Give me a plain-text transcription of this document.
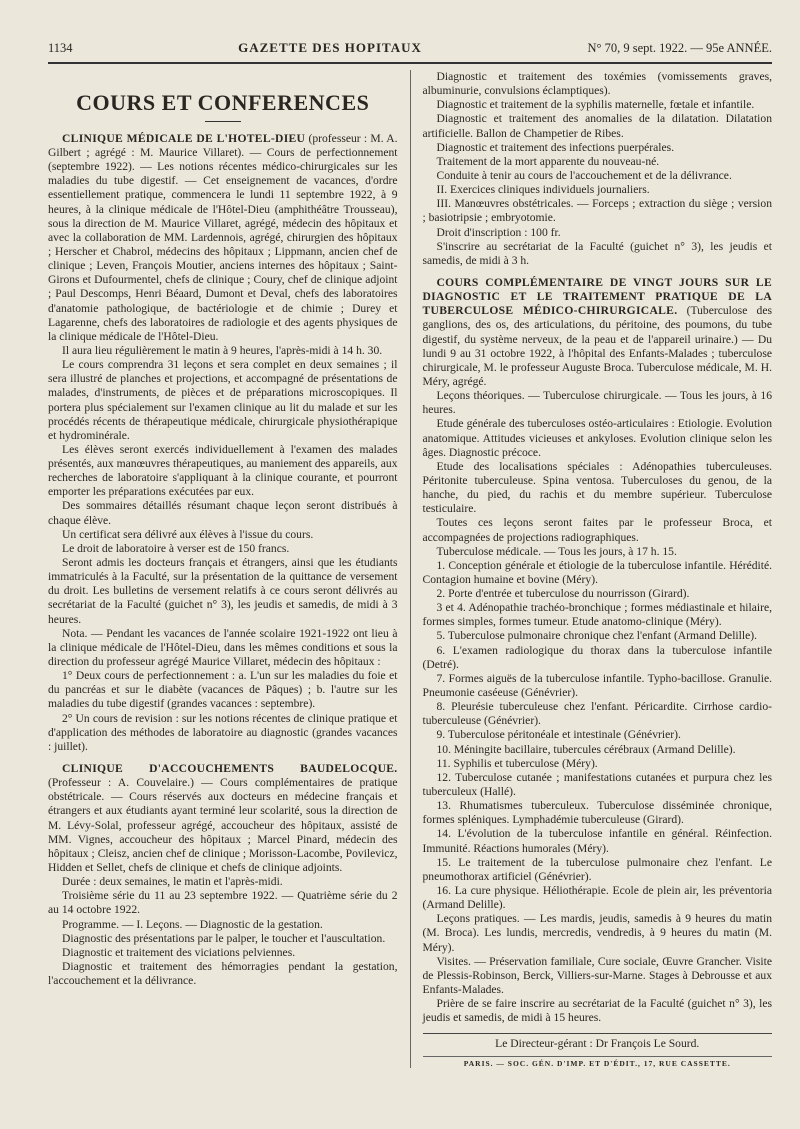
1134	GAZETTE DES HOPITAUX	N° 70, 9 sept. 1922. — 95e ANNÉE.
COURS ET CONFERENCES

CLINIQUE MÉDICALE DE L'HOTEL-DIEU (professeur : M. A. Gilbert ; agrégé : M. Maurice Villaret). — Cours de perfectionnement (septembre 1922). — Les notions récentes médico-chirurgicales sur les maladies du tube digestif. — Cet enseignement de vacances, d'ordre essentiellement pratique, commencera le lundi 11 septembre 1922, à 9 heures, à la clinique médicale de l'Hôtel-Dieu (amphithéâtre Trousseau), sous la direction de M. Maurice Villaret, agrégé, médecin des hôpitaux et avec la collaboration de MM. Lardennois, agrégé, chirurgien des hôpitaux ; Herscher et Chabrol, médecins des hôpitaux ; Lippmann, ancien chef de clinique ; Leven, François Moutier, anciens internes des hôpitaux ; Saint-Girons et Dufourmentel, chefs de clinique ; Coury, chef de clinique adjoint ; Paul Descomps, Henri Béaard, Dumont et Deval, chefs des laboratoires d'anatomie pathologique, de bactériologie et de chimie ; Durey et Lagarenne, chefs des laboratoires de radiologie et des agents physiques de la clinique médicale de l'Hôtel-Dieu.

Il aura lieu régulièrement le matin à 9 heures, l'après-midi à 14 h. 30.

Le cours comprendra 31 leçons et sera complet en deux semaines ; il sera illustré de planches et projections, et accompagné de présentations de malades, d'instruments, de pièces et de préparations microscopiques. Il portera plus spécialement sur l'examen clinique au lit du malade et sur les procédés récents de thérapeutique médicale, chirurgicale physiothérapique et hydrominérale.

Les élèves seront exercés individuellement à l'examen des malades présentés, aux manœuvres thérapeutiques, au maniement des appareils, aux recherches de laboratoire s'appliquant à la clinique courante, et pourront emporter les préparations exécutées par eux.

Des sommaires détaillés résumant chaque leçon seront distribués à chaque élève.

Un certificat sera délivré aux élèves à l'issue du cours.

Le droit de laboratoire à verser est de 150 francs.

Seront admis les docteurs français et étrangers, ainsi que les étudiants immatriculés à la Faculté, sur la présentation de la quittance de versement du droit. Les bulletins de versement relatifs à ce cours seront délivrés au secrétariat de la Faculté (guichet n° 3), les jeudis et samedis, de midi à 3 heures.

Nota. — Pendant les vacances de l'année scolaire 1921-1922 ont lieu à la clinique médicale de l'Hôtel-Dieu, dans les mêmes conditions et sous la direction du professeur agrégé Maurice Villaret, médecin des hôpitaux :

1° Deux cours de perfectionnement : a. L'un sur les maladies du foie et du pancréas et sur le diabète (vacances de Pâques) ; b. l'autre sur les maladies du tube digestif (grandes vacances : septembre).

2° Un cours de revision : sur les notions récentes de clinique pratique et d'application des méthodes de laboratoire au diagnostic (grandes vacances : juillet).

CLINIQUE D'ACCOUCHEMENTS BAUDELOCQUE. (Professeur : A. Couvelaire.) — Cours complémentaires de pratique obstétricale. — Cours réservés aux docteurs en médecine français et étrangers et aux étudiants ayant terminé leur scolarité, sous la direction de M. Lévy-Solal, professeur agrégé, accoucheur des hôpitaux, assisté de MM. Vignes, accoucheur des hôpitaux ; Marcel Pinard, médecin des hôpitaux ; Cleisz, ancien chef de clinique ; Morisson-Lacombe, Povilevicz, Hidden et Sellet, chefs de clinique et chefs de clinique adjoints.

Durée : deux semaines, le matin et l'après-midi.

Troisième série du 11 au 23 septembre 1922. — Quatrième série du 2 au 14 octobre 1922.

Programme. — I. Leçons. — Diagnostic de la gestation.

Diagnostic des présentations par le palper, le toucher et l'auscultation.

Diagnostic et traitement des viciations pelviennes.

Diagnostic et traitement des hémorragies pendant la gestation, l'accouchement et la délivrance.

Diagnostic et traitement des toxémies (vomissements graves, albuminurie, convulsions éclamptiques).

Diagnostic et traitement de la syphilis maternelle, fœtale et infantile.

Diagnostic et traitement des anomalies de la dilatation. Dilatation artificielle. Ballon de Champetier de Ribes.

Diagnostic et traitement des infections puerpérales.

Traitement de la mort apparente du nouveau-né.

Conduite à tenir au cours de l'accouchement et de la délivrance.

II. Exercices cliniques individuels journaliers.

III. Manœuvres obstétricales. — Forceps ; extraction du siège ; version ; basiotripsie ; embryotomie.

Droit d'inscription : 100 fr.

S'inscrire au secrétariat de la Faculté (guichet n° 3), les jeudis et samedis, de midi à 3 h.

COURS COMPLÉMENTAIRE DE VINGT JOURS SUR LE DIAGNOSTIC ET LE TRAITEMENT PRATIQUE DE LA TUBERCULOSE MÉDICO-CHIRURGICALE. (Tuberculose des ganglions, des os, des articulations, du péritoine, des poumons, du tube digestif, du système nerveux, de la peau et de l'appareil urinaire.) — Du lundi 9 au 31 octobre 1922, à l'hôpital des Enfants-Malades ; tuberculose chirurgicale, M. le professeur Auguste Broca. Tuberculose médicale, M. H. Méry, agrégé.

Leçons théoriques. — Tuberculose chirurgicale. — Tous les jours, à 16 heures.

Etude générale des tuberculoses ostéo-articulaires : Etiologie. Evolution anatomique. Attitudes vicieuses et ankyloses. Evolution clinique selon les âges. Diagnostic précoce.

Etude des localisations spéciales : Adénopathies tuberculeuses. Péritonite tuberculeuse. Spina ventosa. Tuberculoses du genou, de la hanche, du pied, du rachis et du membre supérieur. Tuberculose testiculaire.

Toutes ces leçons seront faites par le professeur Broca, et accompagnées de projections radiographiques.

Tuberculose médicale. — Tous les jours, à 17 h. 15.

1. Conception générale et étiologie de la tuberculose infantile. Hérédité. Contagion humaine et bovine (Méry).

2. Porte d'entrée et tuberculose du nourrisson (Girard).

3 et 4. Adénopathie trachéo-bronchique ; formes médiastinale et hilaire, formes simples, formes tumeur. Etude anatomo-clinique (Méry).

5. Tuberculose pulmonaire chronique chez l'enfant (Armand Delille).

6. L'examen radiologique du thorax dans la tuberculose infantile (Detré).

7. Formes aiguës de la tuberculose infantile. Typho-bacillose. Granulie. Pneumonie caséeuse (Génévrier).

8. Pleurésie tuberculeuse chez l'enfant. Péricardite. Cirrhose cardio-tuberculeuse (Génévrier).

9. Tuberculose péritonéale et intestinale (Génévrier).

10. Méningite bacillaire, tubercules cérébraux (Armand Delille).

11. Syphilis et tuberculose (Méry).

12. Tuberculose cutanée ; manifestations cutanées et purpura chez les tuberculeux (Hallé).

13. Rhumatismes tuberculeux. Tuberculose disséminée chronique, formes spléniques. Lymphadémie tuberculeuse (Girard).

14. L'évolution de la tuberculose infantile en général. Réinfection. Immunité. Réactions humorales (Méry).

15. Le traitement de la tuberculose pulmonaire chez l'enfant. Le pneumothorax artificiel (Génévrier).

16. La cure physique. Héliothérapie. Ecole de plein air, les préventoria (Armand Delille).

Leçons pratiques. — Les mardis, jeudis, samedis à 9 heures du matin (M. Broca). Les lundis, mercredis, vendredis, à 9 heures du matin (M. Méry).

Visites. — Préservation familiale, Cure sociale, Œuvre Grancher. Visite de Plessis-Robinson, Berck, Villiers-sur-Marne. Stages à Debrousse et aux Enfants-Malades.

Prière de se faire inscrire au secrétariat de la Faculté (guichet n° 3), les jeudis et samedis, de midi à 15 heures.

Le Directeur-gérant : Dr François Le Sourd.
PARIS. — SOC. GÉN. D'IMP. ET D'ÉDIT., 17, RUE CASSETTE.
